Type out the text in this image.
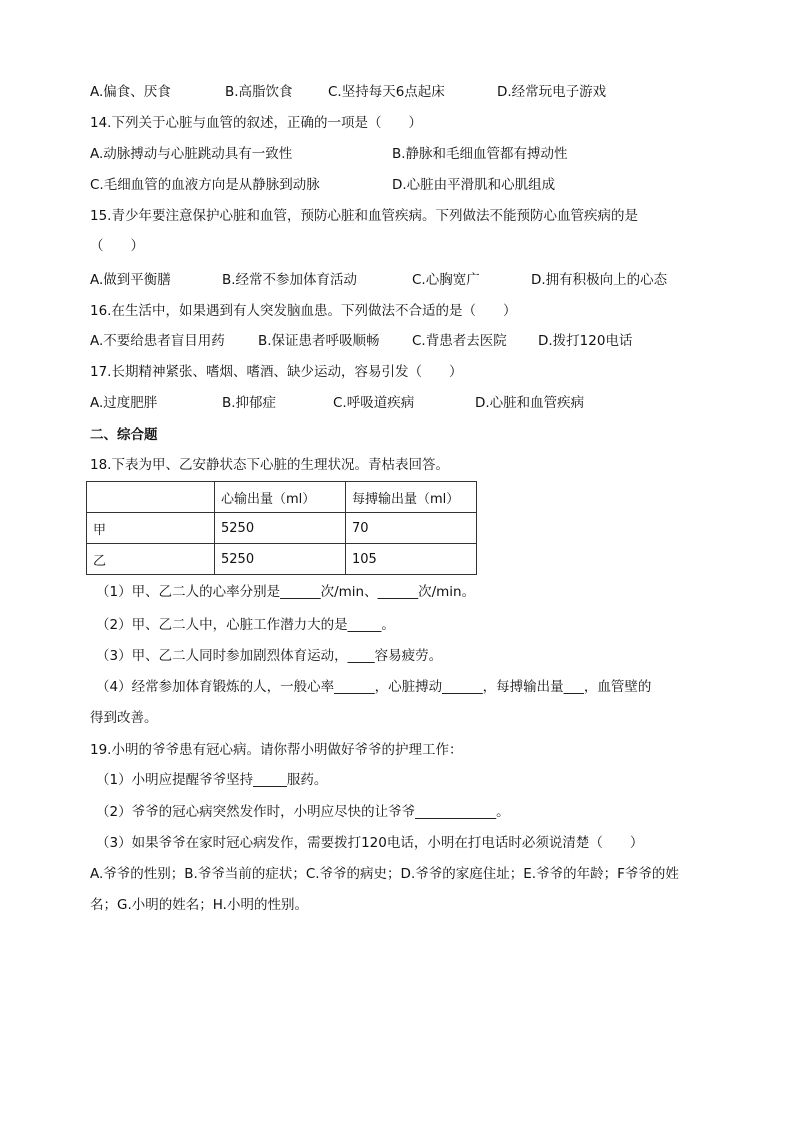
A.偏食、厌食	B.高脂饮食	C.坚持每天6点起床	D.经常玩电子游戏
14.下列关于心脏与血管的叙述，正确的一项是（　　）
A.动脉搏动与心脏跳动具有一致性	B.静脉和毛细血管都有搏动性
C.毛细血管的血液方向是从静脉到动脉	D.心脏由平滑肌和心肌组成
15.青少年要注意保护心脏和血管，预防心脏和血管疾病。下列做法不能预防心血管疾病的是
（　　）
A.做到平衡膳	B.经常不参加体育活动	C.心胸宽广	D.拥有积极向上的心态
16.在生活中，如果遇到有人突发脑血患。下列做法不合适的是（　　）
A.不要给患者盲目用药 B.保证患者呼吸顺畅 C.背患者去医院 D.拨打120电话
17.长期精神紧张、嗜烟、嗜酒、缺少运动，容易引发（　　）
A.过度肥胖	B.抑郁症	C.呼吸道疾病	D.心脏和血管疾病
二、综合题
18.下表为甲、乙安静状态下心脏的生理状况。青枯表回答。
	心输出量（ml）	每搏输出量（ml）
甲	5250	70
乙	5250	105
（1）甲、乙二人的心率分别是______次/min、______次/min。
（2）甲、乙二人中，心脏工作潜力大的是_____。
（3）甲、乙二人同时参加剧烈体育运动，____容易疲劳。
（4）经常参加体育锻炼的人，一般心率______，心脏搏动______，每搏输出量___，血管壁的
得到改善。
19.小明的爷爷患有冠心病。请你帮小明做好爷爷的护理工作：
（1）小明应提醒爷爷坚持_____服药。
（2）爷爷的冠心病突然发作时，小明应尽快的让爷爷____________。
（3）如果爷爷在家时冠心病发作，需要拨打120电话，小明在打电话时必须说清楚（　　）
A.爷爷的性别；B.爷爷当前的症状；C.爷爷的病史；D.爷爷的家庭住址；E.爷爷的年龄；F爷爷的姓
名；G.小明的姓名；H.小明的性别。
